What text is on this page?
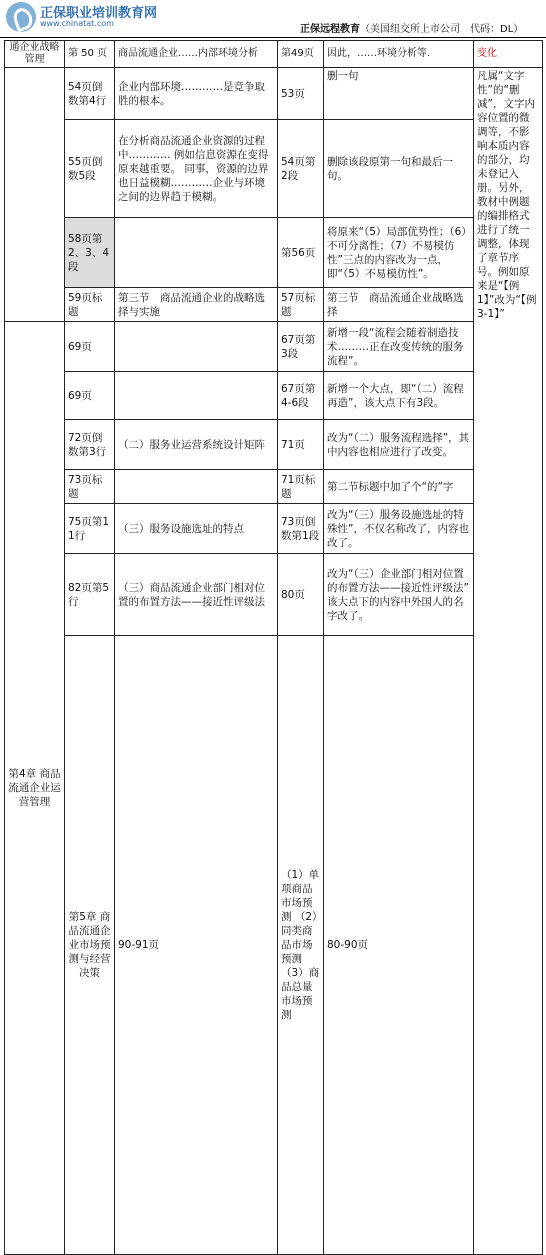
正保职业培训教育网
www.chinatat.com
正保远程教育（美国纽交所上市公司　代码：DL）
通企业战略管理	第 50 页	商品流通企业……内部环境分析	第49页	因此，……环境分析等.	变化	
	54页倒数第4行	企业内部环境…………是竞争取胜的根本。	53页	删一句	凡属“文字性”的“删减”，文字内容位置的微调等，不影响本质内容的部分，均未登记入册。另外，教材中例题的编排格式进行了统一调整，体现了章节序号。例如原来是“【例1】”改为“【例3-1】”	
	55页倒数5段	在分析商品流通企业资源的过程中………… 例如信息资源在变得原来越重要。 同事，资源的边界也日益模糊…………企业与环境之间的边界趋于模糊。	54页第2段	删除该段原第一句和最后一句。		
	58页第2、3、4段		第56页	将原来“（5）局部优势性；（6）不可分离性；（7）不易模仿性”三点的内容改为一点，即“（5）不易模仿性”。		
	59页标题	第三节　商品流通企业的战略选择与实施	57页标题	第三节　商品流通企业战略选择		
第4章 商品流通企业运营管理	69页		67页第3段	新增一段“流程会随着制造技术………正在改变传统的服务流程”。		
	69页		67页第4-6段	新增一个大点，即“（二）流程再造”，该大点下有3段。		
	72页倒数第3行	（二）服务业运营系统设计矩阵	71页	改为“（二）服务流程选择”，其中内容也相应进行了改变。		
	73页标题		71页标题	第二节标题中加了个“的”字		
	75页第11行	（三）服务设施选址的特点	73页倒数第1段	改为“（三）服务设施选址的特殊性”，不仅名称改了，内容也改了。		
	82页第5行	（三）商品流通企业部门相对位置的布置方法——接近性评级法	80页	改为“（三）企业部门相对位置的布置方法——接近性评级法” 该大点下的内容中外国人的名字改了。		
	第5章 商品流通企业市场预测与经营决策	90-91页	（1）单项商品市场预测 （2）同类商品市场预测 （3）商品总量市场预测	80-90页	
